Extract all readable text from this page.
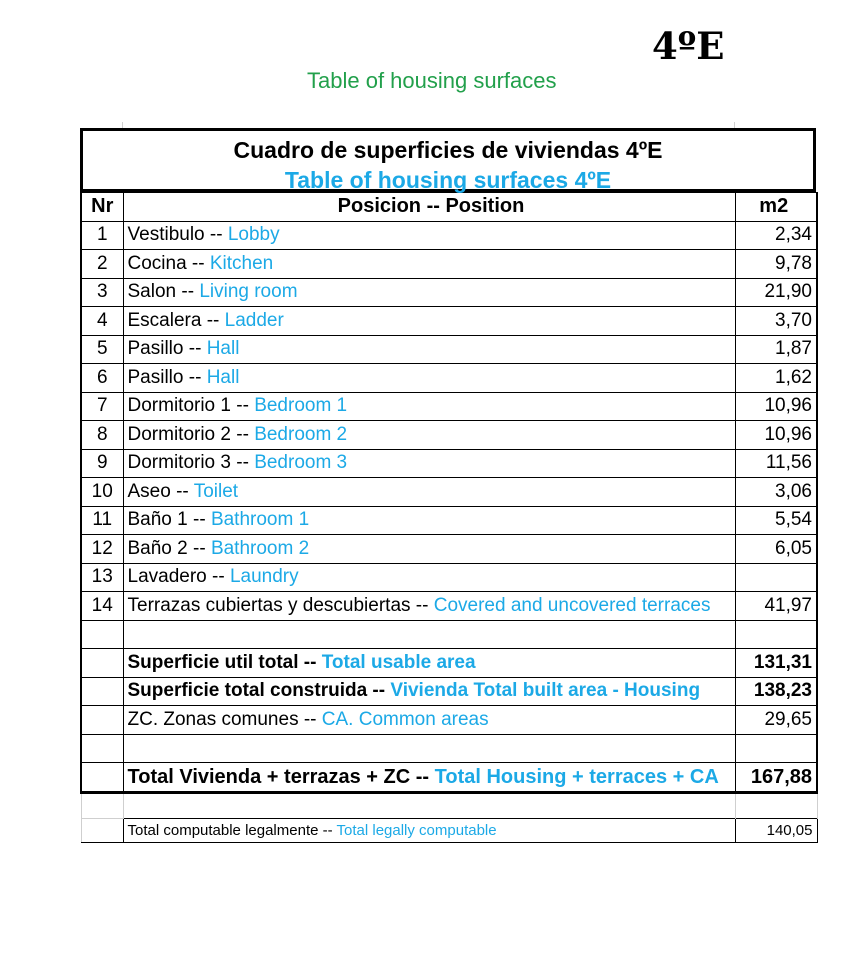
4ºE
Table of housing surfaces
Cuadro de superficies de viviendas 4ºE
Table of housing surfaces 4ºE
Nr	Posicion -- Position	m2
1	Vestibulo -- Lobby	2,34
2	Cocina -- Kitchen	9,78
3	Salon -- Living room	21,90
4	Escalera -- Ladder	3,70
5	Pasillo -- Hall	1,87
6	Pasillo -- Hall	1,62
7	Dormitorio 1 -- Bedroom 1	10,96
8	Dormitorio 2 -- Bedroom 2	10,96
9	Dormitorio 3 -- Bedroom 3	11,56
10	Aseo -- Toilet	3,06
11	Baño 1 -- Bathroom 1	5,54
12	Baño 2 -- Bathroom 2	6,05
13	Lavadero -- Laundry	
14	Terrazas cubiertas y descubiertas -- Covered and uncovered terraces	41,97

	Superficie util total -- Total usable area	131,31
	Superficie total construida -- Vivienda Total built area - Housing	138,23
	ZC. Zonas comunes -- CA. Common areas	29,65

	Total Vivienda + terrazas + ZC -- Total Housing + terraces + CA	167,88

	Total computable legalmente -- Total legally computable	140,05
